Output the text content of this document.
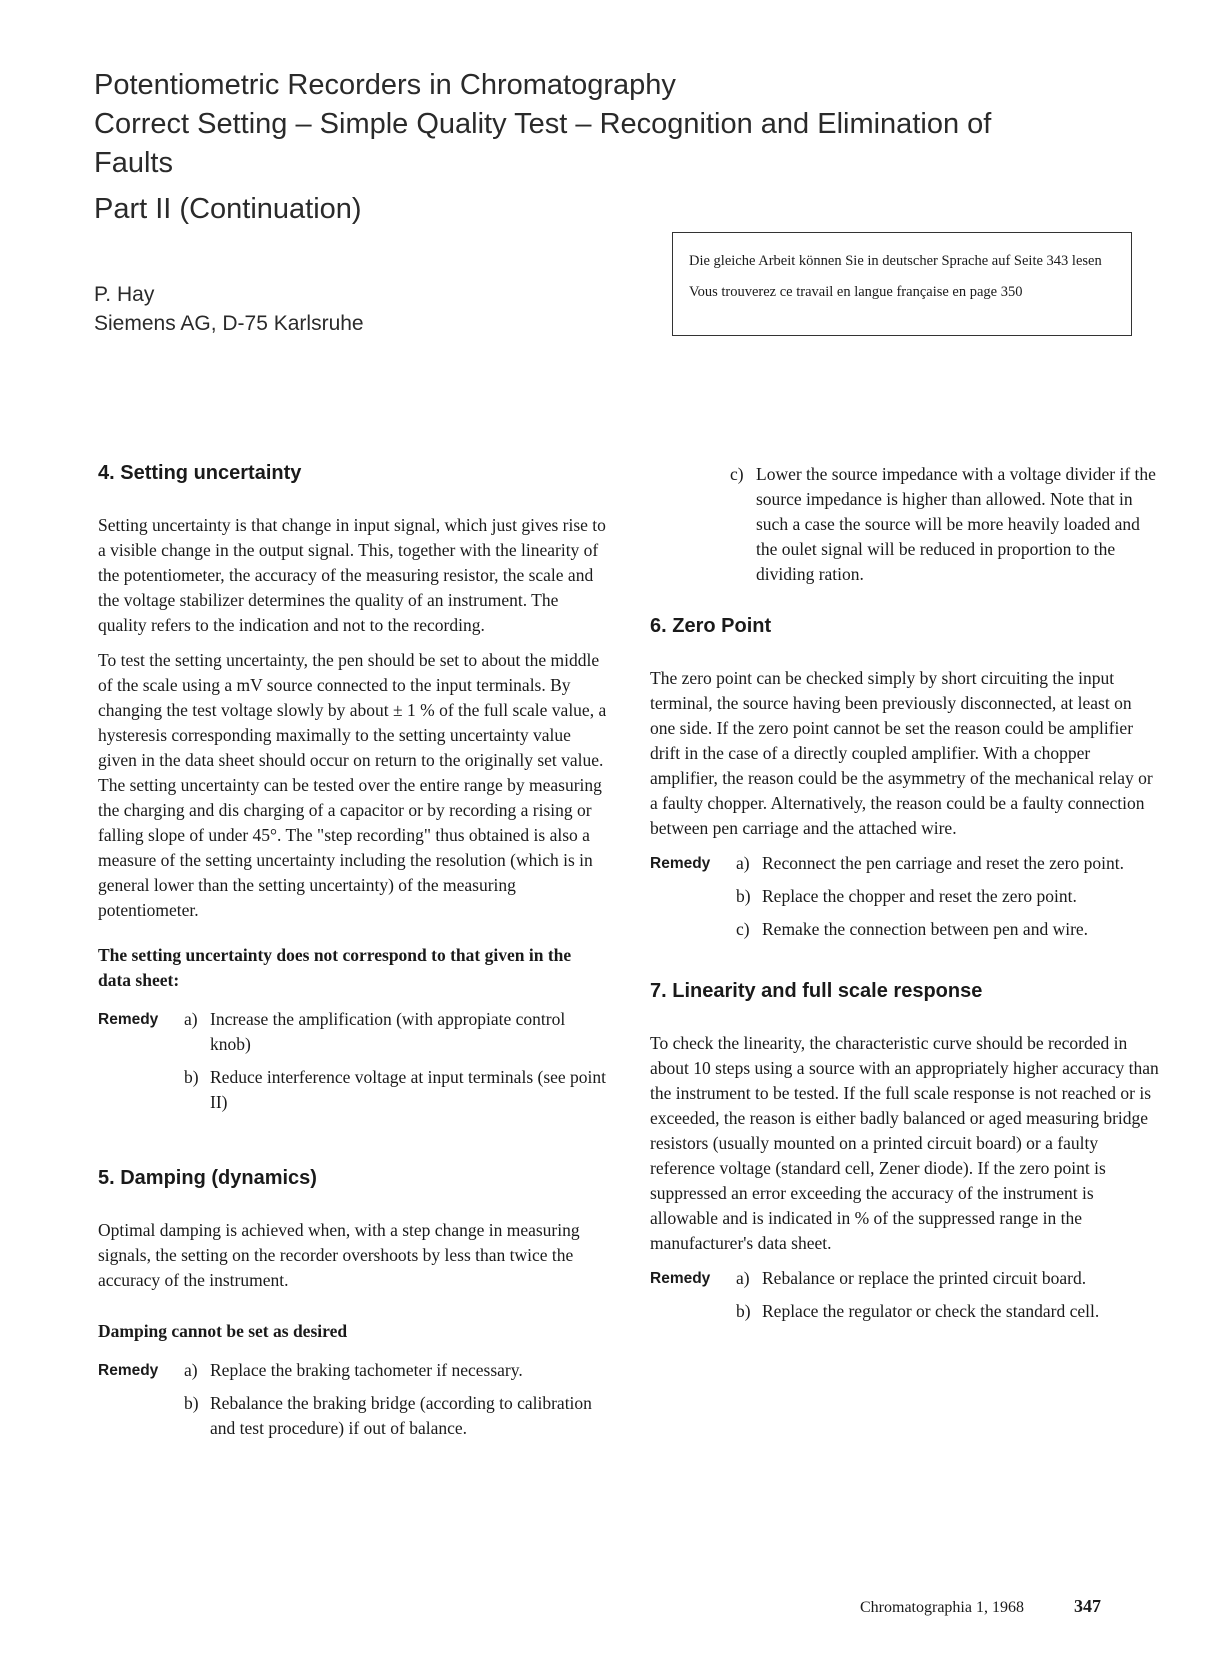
Potentiometric Recorders in Chromatography
Correct Setting – Simple Quality Test – Recognition and Elimination of
Faults
Part II (Continuation)
P. Hay
Siemens AG, D-75 Karlsruhe

Die gleiche Arbeit können Sie in deutscher Sprache auf Seite 343 lesen

Vous trouverez ce travail en langue française en page 350

4. Setting uncertainty

Setting uncertainty is that change in input signal, which just gives rise to a visible change in the output signal. This, together with the linearity of the potentiometer, the accuracy of the measuring resistor, the scale and the voltage stabilizer determines the quality of an instrument. The quality refers to the indication and not to the recording.

To test the setting uncertainty, the pen should be set to about the middle of the scale using a mV source connected to the input terminals. By changing the test voltage slowly by about ± 1 % of the full scale value, a hysteresis corresponding maximally to the setting uncertainty value given in the data sheet should occur on return to the originally set value. The setting uncertainty can be tested over the entire range by measuring the charging and dis charging of a capacitor or by recording a rising or falling slope of under 45°. The "step recording" thus obtained is also a measure of the setting uncertainty including the resolution (which is in general lower than the setting uncertainty) of the measuring potentiometer.

The setting uncertainty does not correspond to that given in the data sheet:

Remedy	a) Increase the amplification (with appropiate control knob)
b) Reduce interference voltage at input terminals (see point II)
5. Damping (dynamics)

Optimal damping is achieved when, with a step change in measuring signals, the setting on the recorder overshoots by less than twice the accuracy of the instrument.

Damping cannot be set as desired

Remedy	a) Replace the braking tachometer if necessary.
b) Rebalance the braking bridge (according to calibration and test procedure) if out of balance.
c) Lower the source impedance with a voltage divider if the source impedance is higher than allowed. Note that in such a case the source will be more heavily loaded and the oulet signal will be reduced in proportion to the dividing ration.
6. Zero Point

The zero point can be checked simply by short circuiting the input terminal, the source having been previously disconnected, at least on one side. If the zero point cannot be set the reason could be amplifier drift in the case of a directly coupled amplifier. With a chopper amplifier, the reason could be the asymmetry of the mechanical relay or a faulty chopper. Alternatively, the reason could be a faulty connection between pen carriage and the attached wire.

Remedy	a) Reconnect the pen carriage and reset the zero point.
b) Replace the chopper and reset the zero point.
c) Remake the connection between pen and wire.
7. Linearity and full scale response

To check the linearity, the characteristic curve should be recorded in about 10 steps using a source with an appropriately higher accuracy than the instrument to be tested. If the full scale response is not reached or is exceeded, the reason is either badly balanced or aged measuring bridge resistors (usually mounted on a printed circuit board) or a faulty reference voltage (standard cell, Zener diode). If the zero point is suppressed an error exceeding the accuracy of the instrument is allowable and is indicated in % of the suppressed range in the manufacturer's data sheet.

Remedy	a) Rebalance or replace the printed circuit board.
b) Replace the regulator or check the standard cell.
Chromatographia 1, 1968	347
